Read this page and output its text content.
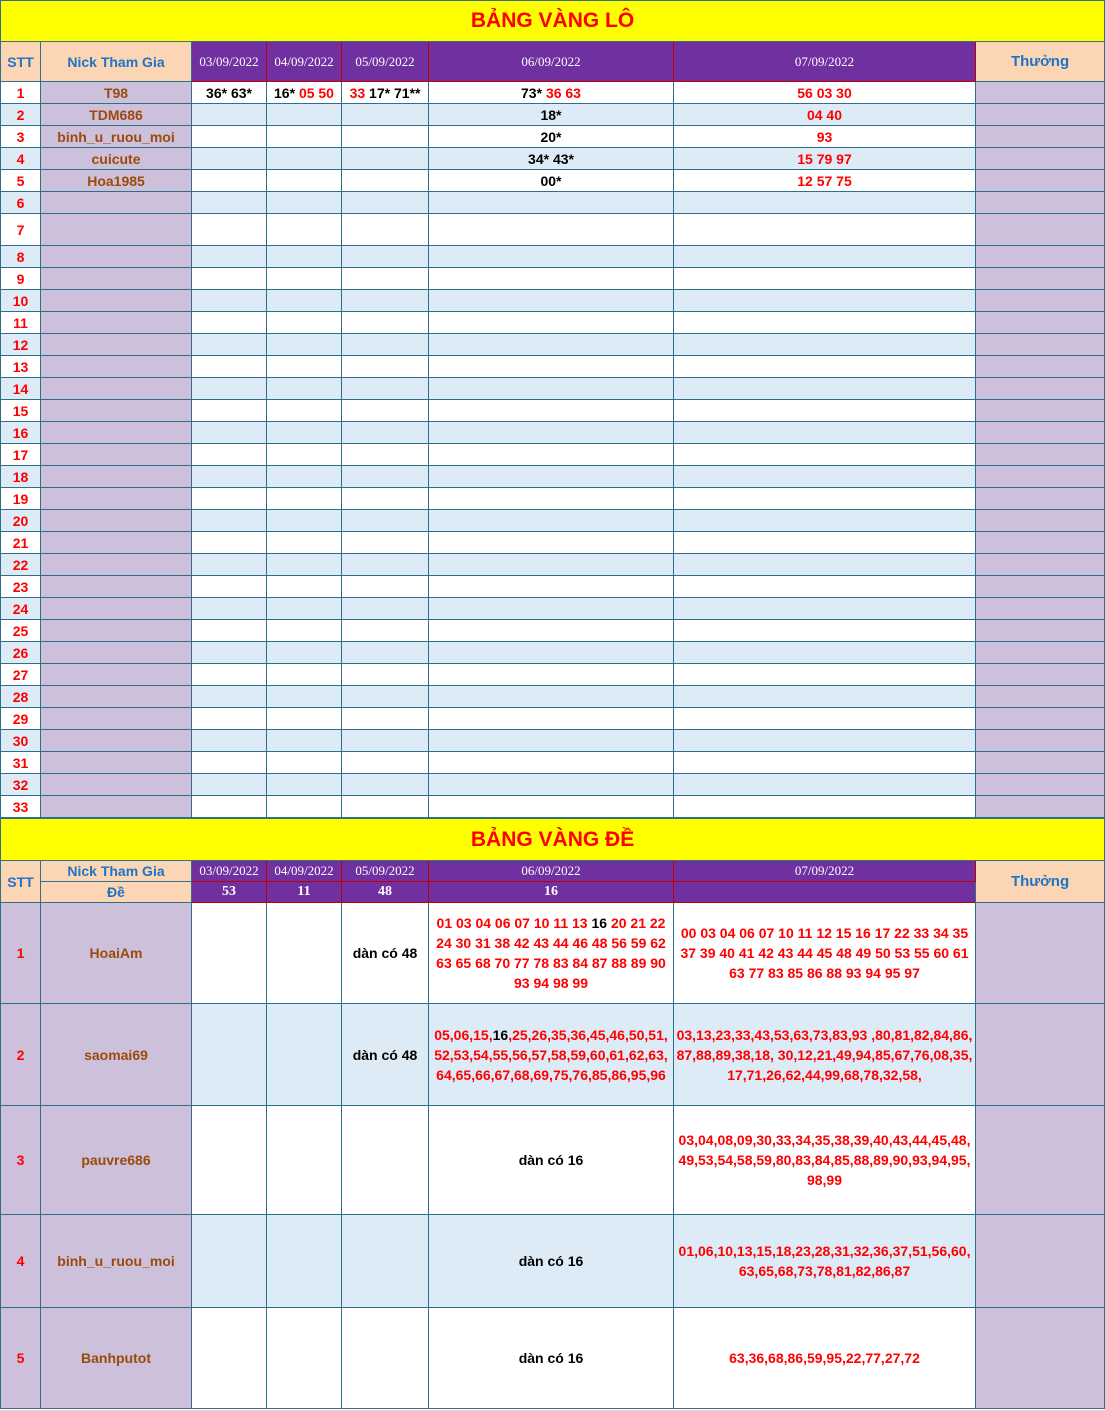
BẢNG VÀNG LÔ							
STT	Nick Tham Gia	03/09/2022	04/09/2022	05/09/2022	06/09/2022	07/09/2022	Thưởng
1	T98	36* 63*	16* 05 50	33 17* 71**	73* 36 63	56 03 30	
2	TDM686				18*	04 40	
3	binh_u_ruou_moi				20*	93	
4	cuicute				34* 43*	15 79 97	
5	Hoa1985				00*	12 57 75	
6							
7							
8							
9							
10							
11							
12							
13							
14							
15							
16							
17							
18							
19							
20							
21							
22							
23							
24							
25							
26							
27							
28							
29							
30							
31							
32							
33							
BẢNG VÀNG ĐỀ							
STT	Nick Tham Gia	03/09/2022	04/09/2022	05/09/2022	06/09/2022	07/09/2022	Thưởng
	Đề	53	11	48	16		
1	HoaiAm			dàn có 48	01 03 04 06 07 10 11 13 16 20 21 22 24 30 31 38 42 43 44 46 48 56 59 62 63 65 68 70 77 78 83 84 87 88 89 90 93 94 98 99	00 03 04 06 07 10 11 12 15 16 17 22 33 34 35 37 39 40 41 42 43 44 45 48 49 50 53 55 60 61 63 77 83 85 86 88 93 94 95 97	

2	saomai69			dàn có 48	05,06,15,16,25,26,35,36,45,46,50,51,52,53,54,55,56,57,58,59,60,61,62,63,64,65,66,67,68,69,75,76,85,86,95,96	03,13,23,33,43,53,63,73,83,93 ,80,81,82,84,86,87,88,89,38,18, 30,12,21,49,94,85,67,76,08,35, 17,71,26,62,44,99,68,78,32,58,	

3	pauvre686				dàn có 16	03,04,08,09,30,33,34,35,38,39,40,43,44,45,48,49,53,54,58,59,80,83,84,85,88,89,90,93,94,95,98,99	

4	binh_u_ruou_moi				dàn có 16	01,06,10,13,15,18,23,28,31,32,36,37,51,56,60,63,65,68,73,78,81,82,86,87	

5	Banhputot				dàn có 16	63,36,68,86,59,95,22,77,27,72	
